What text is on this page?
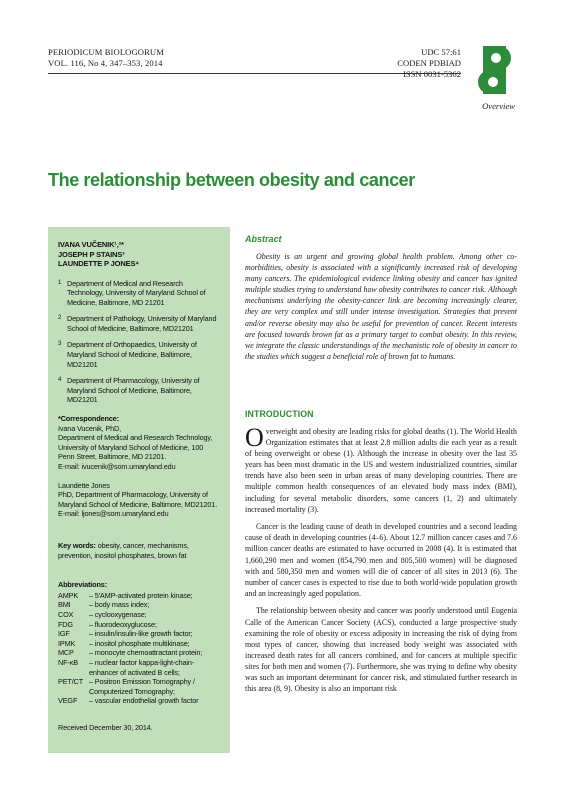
PERIODICUM BIOLOGORUM
VOL. 116, No 4, 347–353, 2014
UDC 57:61
CODEN PDBIAD
ISSN 0031-5362
Overview
The relationship between obesity and cancer
IVANA VUČENIK¹,²*
JOSEPH P STAINS³
LAUNDETTE P JONES⁴
1 Department of Medical and Research Technology, University of Maryland School of Medicine, Baltimore, MD 21201
2 Department of Pathology, University of Maryland School of Medicine, Baltimore, MD21201
3 Department of Orthopaedics, University of Maryland School of Medicine, Baltimore, MD21201
4 Department of Pharmacology, University of Maryland School of Medicine, Baltimore, MD21201
*Correspondence:

Ivana Vucenik, PhD,

Department of Medical and Research Technology, University of Maryland School of Medicine, 100 Penn Street, Baltimore, MD 21201.

E-mail: ivucenik@som.umaryland.edu

Laundette Jones

PhD, Department of Pharmacology, University of Maryland School of Medicine, Baltimore, MD21201.

E-mail: ljones@som.umaryland.edu

Key words: obesity, cancer, mechanisms, prevention, inositol phosphates, brown fat
Abbreviations:
AMPK	– 5'AMP-activated protein kinase;
BMI	– body mass index;
COX	– cyclooxygenase;
FDG	– fluorodeoxyglucose;
IGF	– insulin/insulin-like growth factor;
IPMK	– inositol phosphate multikinase;
MCP	– monocyte chemoattractant protein;
NF-κB	– nuclear factor kappa-light-chain-enhancer of activated B cells;
PET/CT – Positron Emission Tomography / Computerized Tomography;
VEGF	– vascular endothelial growth factor
Received December 30, 2014.
Abstract

Obesity is an urgent and growing global health problem. Among other co-morbidities, obesity is associated with a significantly increased risk of developing many cancers. The epidemiological evidence linking obesity and cancer has ignited multiple studies trying to understand how obesity contributes to cancer risk. Although mechanisms underlying the obesity-cancer link are becoming increasingly clearer, they are very complex and still under intense investigation. Strategies that prevent and/or reverse obesity may also be useful for prevention of cancer. Recent interests are focused towards brown fat as a primary target to combat obesity. In this review, we integrate the classic understandings of the mechanistic role of obesity in cancer to the studies which suggest a beneficial role of brown fat to humans.

INTRODUCTION

Overweight and obesity are leading risks for global deaths (1). The World Health Organization estimates that at least 2.8 million adults die each year as a result of being overweight or obese (1). Although the increase in obesity over the last 35 years has been most dramatic in the US and western industrialized countries, similar trends have also been seen in urban areas of many developing countries. There are multiple common health consequences of an elevated body mass index (BMI), including for several metabolic disorders, some cancers (1, 2) and ultimately increased mortality (3).

Cancer is the leading cause of death in developed countries and a second leading cause of death in developing countries (4–6). About 12.7 million cancer cases and 7.6 million cancer deaths are estimated to have occurred in 2008 (4). It is estimated that 1,660,290 men and women (854,790 men and 805,500 women) will be diagnosed with and 580,350 men and women will die of cancer of all sites in 2013 (6). The number of cancer cases is expected to rise due to both world-wide population growth and an increasingly aged population.

The relationship between obesity and cancer was poorly understood until Eugenia Calle of the American Cancer Society (ACS), conducted a large prospective study examining the role of obesity or excess adiposity in increasing the risk of dying from most types of cancer, showing that increased body weight was associated with increased death rates for all cancers combined, and for cancers at multiple specific sites for both men and women (7). Furthermore, she was trying to define why obesity was such an important determinant for cancer risk, and stimulated further research in this area (8, 9). Obesity is also an important risk
